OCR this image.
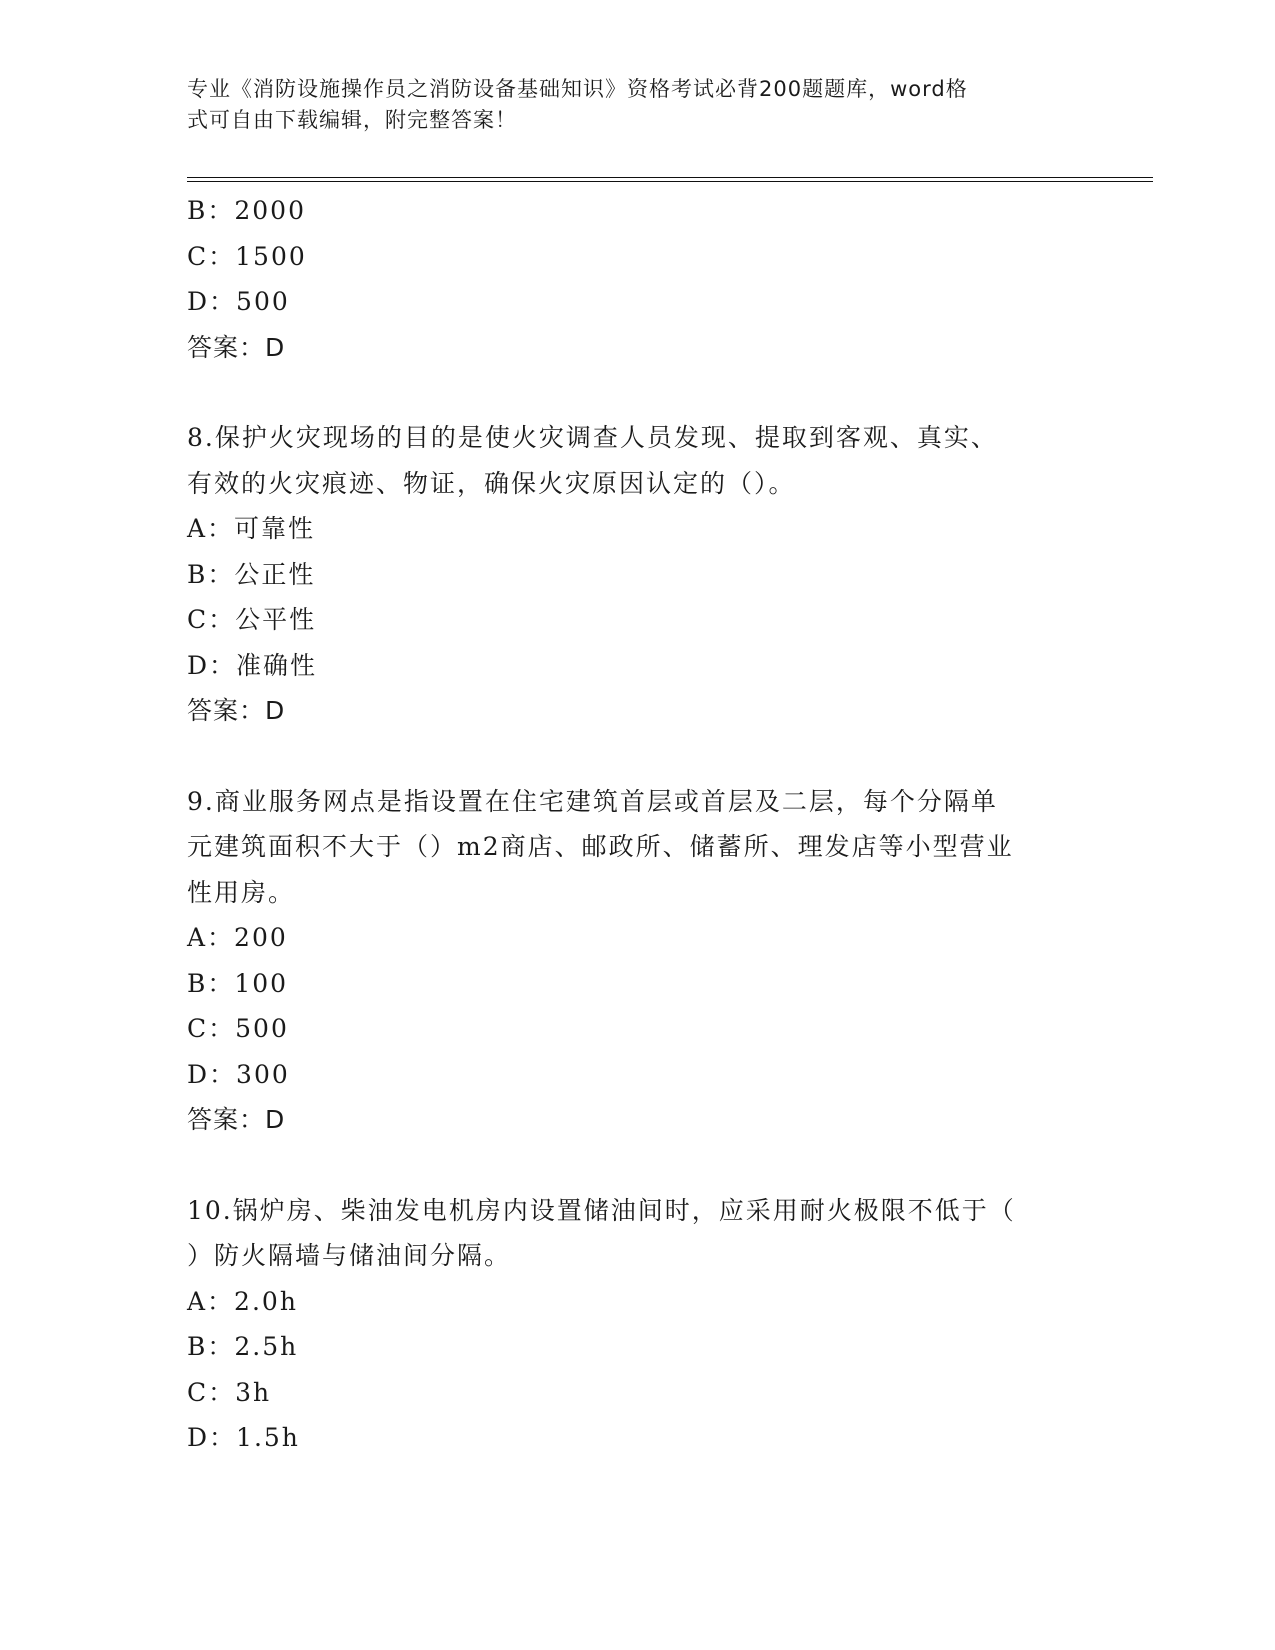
专业《消防设施操作员之消防设备基础知识》资格考试必背200题题库，word格
式可自由下载编辑，附完整答案！
B：2000
C：1500
D：500
答案：D
8.保护火灾现场的目的是使火灾调查人员发现、提取到客观、真实、
有效的火灾痕迹、物证，确保火灾原因认定的（）。
A：可靠性
B：公正性
C：公平性
D：准确性
答案：D
9.商业服务网点是指设置在住宅建筑首层或首层及二层，每个分隔单
元建筑面积不大于（）m2商店、邮政所、储蓄所、理发店等小型营业
性用房。
A：200
B：100
C：500
D：300
答案：D
10.锅炉房、柴油发电机房内设置储油间时，应采用耐火极限不低于（
）防火隔墙与储油间分隔。
A：2.0h
B：2.5h
C：3h
D：1.5h
